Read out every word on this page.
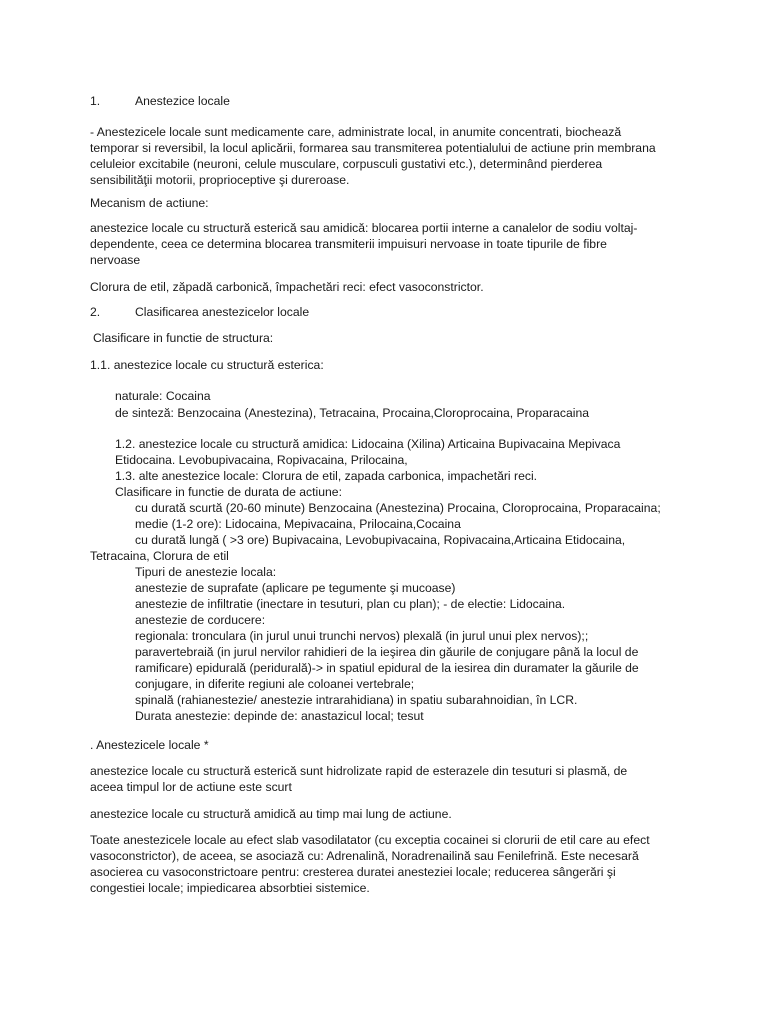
1.	Anestezice locale
- Anestezicele locale sunt medicamente care, administrate local, in anumite concentrati, biochează
temporar si reversibil, la locul aplicării, formarea sau transmiterea potentialului de actiune prin membrana
celuleior excitabile (neuroni, celule musculare, corpusculi gustativi etc.), determinând pierderea
sensibilităţii motorii, proprioceptive şi dureroase.
Mecanism de actiune:
anestezice locale cu structură esterică sau amidică: blocarea portii interne a canalelor de sodiu voltaj-
dependente, ceea ce determina blocarea transmiterii impuisuri nervoase in toate tipurile de fibre
nervoase
Clorura de etil, zăpadă carbonică, împachetări reci: efect vasoconstrictor.
2.	Clasificarea anestezicelor locale
Clasificare in functie de structura:
1.1. anestezice locale cu structură esterica:
naturale: Cocaina
de sinteză: Benzocaina (Anestezina), Tetracaina, Procaina,Cloroprocaina, Proparacaina
1.2. anestezice locale cu structură amidica: Lidocaina (Xilina) Articaina Bupivacaina Mepivaca
Etidocaina. Levobupivacaina, Ropivacaina, Prilocaina,
1.3. alte anestezice locale: Clorura de etil, zapada carbonica, impachetări reci.
Clasificare in functie de durata de actiune:
cu durată scurtă (20-60 minute) Benzocaina (Anestezina) Procaina, Cloroprocaina, Proparacaina;
medie (1-2 ore): Lidocaina, Mepivacaina, Prilocaina,Cocaina
cu durată lungă ( >3 ore) Bupivacaina, Levobupivacaina, Ropivacaina,Articaina Etidocaina,
Tetracaina, Clorura de etil
Tipuri de anestezie locala:
anestezie de suprafate (aplicare pe tegumente şi mucoase)
anestezie de infiltratie (inectare in tesuturi, plan cu plan); - de electie: Lidocaina.
anestezie de corducere:
regionala: tronculara (in jurul unui trunchi nervos) plexală (in jurul unui plex nervos);;
paravertebraiă (in jurul nervilor rahidieri de la ieşirea din găurile de conjugare până la locul de
ramificare) epidurală (peridurală)-> in spatiul epidural de la iesirea din duramater la găurile de
conjugare, in diferite regiuni ale coloanei vertebrale;
spinală (rahianestezie/ anestezie intrarahidiana) in spatiu subarahnoidian, în LCR.
Durata anestezie: depinde de: anastazicul local; tesut
. Anestezicele locale *
anestezice locale cu structură esterică sunt hidrolizate rapid de esterazele din tesuturi si plasmă, de
aceea timpul lor de actiune este scurt
anestezice locale cu structură amidică au timp mai lung de actiune.
Toate anestezicele locale au efect slab vasodilatator (cu exceptia cocainei si clorurii de etil care au efect
vasoconstrictor), de aceea, se asociază cu: Adrenalină, Noradrenailină sau Fenilefrină. Este necesară
asocierea cu vasoconstrictoare pentru: cresterea duratei anesteziei locale; reducerea sângerări şi
congestiei locale; impiedicarea absorbtiei sistemice.
